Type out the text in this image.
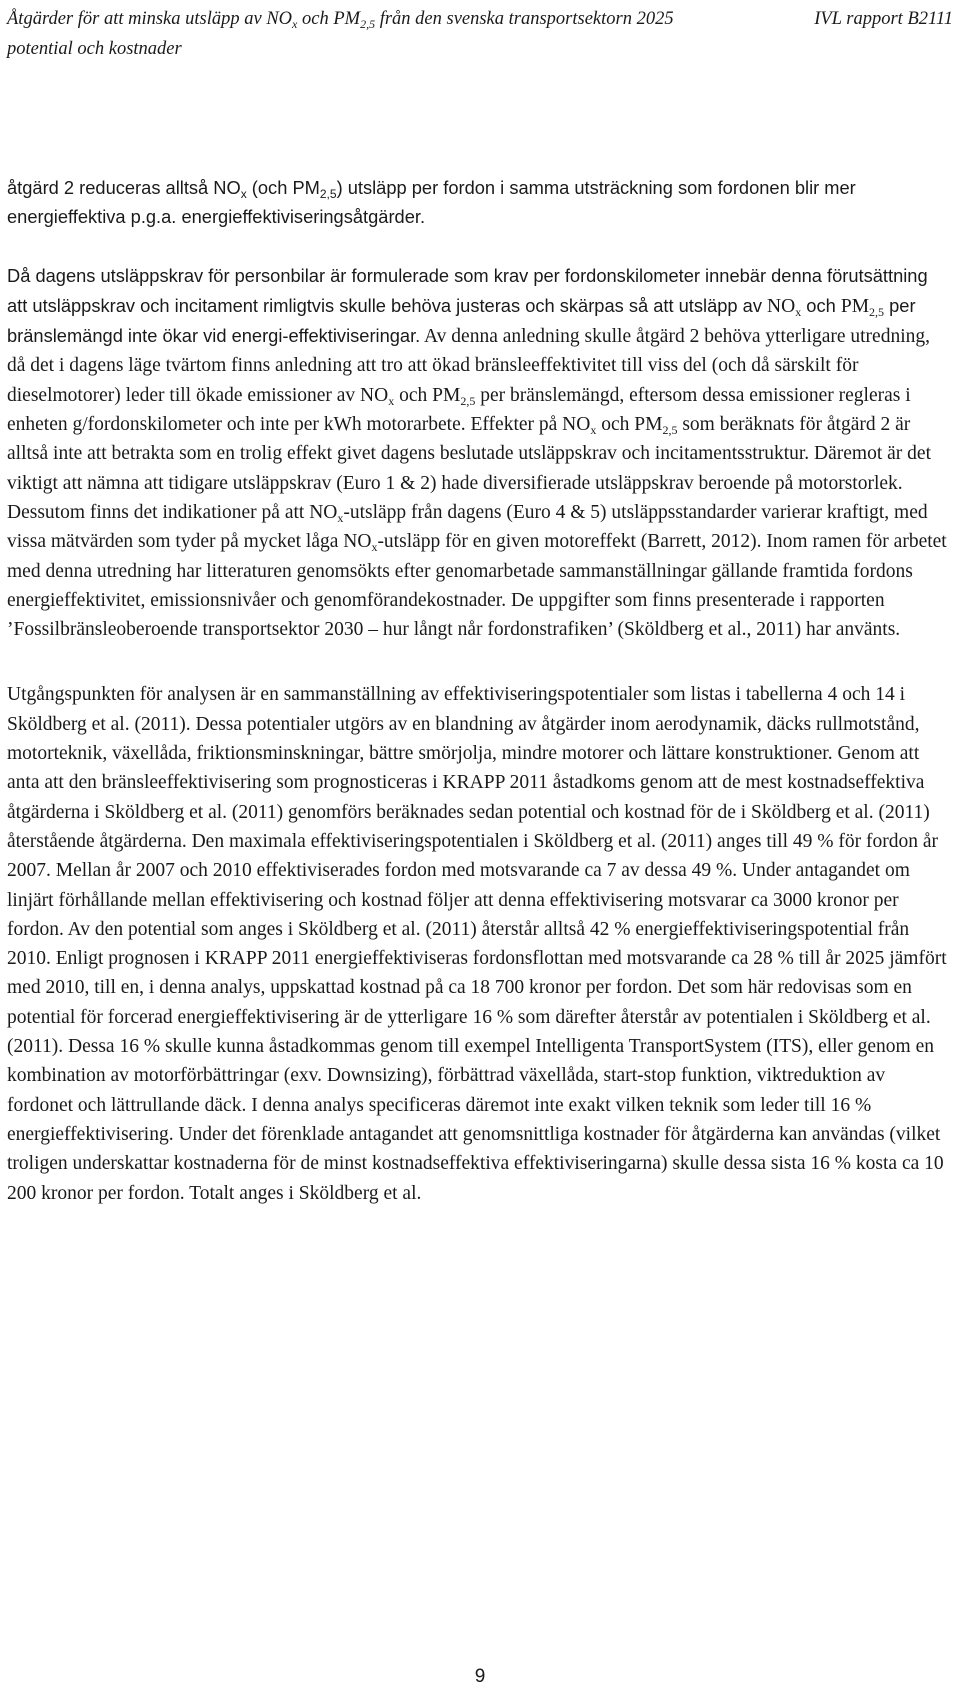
Åtgärder för att minska utsläpp av $NO_x$ och $PM_{2,5}$ från den svenska transportsektorn 2025
potential och kostnader
IVL rapport B2111

åtgärd 2 reduceras alltså $NO_x$ (och $PM_{2,5}$) utsläpp per fordon i samma utsträckning som fordonen blir mer energieffektiva p.g.a. energieffektiviseringsåtgärder.

Då dagens utsläppskrav för personbilar är formulerade som krav per fordonskilometer innebär denna förutsättning att utsläppskrav och incitament rimligtvis skulle behöva justeras och skärpas så att utsläpp av $NO_x$ och $PM_{2,5}$ per bränslemängd inte ökar vid energi-effektiviseringar. Av denna anledning skulle åtgärd 2 behöva ytterligare utredning, då det i dagens läge tvärtom finns anledning att tro att ökad bränsleeffektivitet till viss del (och då särskilt för dieselmotorer) leder till ökade emissioner av $NO_x$ och $PM_{2,5}$ per bränslemängd, eftersom dessa emissioner regleras i enheten g/fordonskilometer och inte per kWh motorarbete. Effekter på $NO_x$ och $PM_{2,5}$ som beräknats för åtgärd 2 är alltså inte att betrakta som en trolig effekt givet dagens beslutade utsläppskrav och incitamentsstruktur. Däremot är det viktigt att nämna att tidigare utsläppskrav (Euro 1 & 2) hade diversifierade utsläppskrav beroende på motorstorlek. Dessutom finns det indikationer på att $NO_x$-utsläpp från dagens (Euro 4 & 5) utsläppsstandarder varierar kraftigt, med vissa mätvärden som tyder på mycket låga $NO_x$-utsläpp för en given motoreffekt (Barrett, 2012). Inom ramen för arbetet med denna utredning har litteraturen genomsökts efter genomarbetade sammanställningar gällande framtida fordons energieffektivitet, emissionsnivåer och genomförandekostnader. De uppgifter som finns presenterade i rapporten ’Fossilbränsleoberoende transportsektor 2030 – hur långt når fordonstrafiken’ (Sköldberg et al., 2011) har använts.

Utgångspunkten för analysen är en sammanställning av effektiviseringspotentialer som listas i tabellerna 4 och 14 i Sköldberg et al. (2011). Dessa potentialer utgörs av en blandning av åtgärder inom aerodynamik, däcks rullmotstånd, motorteknik, växellåda, friktionsminskningar, bättre smörjolja, mindre motorer och lättare konstruktioner. Genom att anta att den bränsleeffektivisering som prognosticeras i KRAPP 2011 åstadkoms genom att de mest kostnadseffektiva åtgärderna i Sköldberg et al. (2011) genomförs beräknades sedan potential och kostnad för de i Sköldberg et al. (2011) återstående åtgärderna. Den maximala effektiviseringspotentialen i Sköldberg et al. (2011) anges till 49 % för fordon år 2007. Mellan år 2007 och 2010 effektiviserades fordon med motsvarande ca 7 av dessa 49 %. Under antagandet om linjärt förhållande mellan effektivisering och kostnad följer att denna effektivisering motsvarar ca 3000 kronor per fordon. Av den potential som anges i Sköldberg et al. (2011) återstår alltså 42 % energieffektiviseringspotential från 2010. Enligt prognosen i KRAPP 2011 energieffektiviseras fordonsflottan med motsvarande ca 28 % till år 2025 jämfört med 2010, till en, i denna analys, uppskattad kostnad på ca 18 700 kronor per fordon. Det som här redovisas som en potential för forcerad energieffektivisering är de ytterligare 16 % som därefter återstår av potentialen i Sköldberg et al. (2011). Dessa 16 % skulle kunna åstadkommas genom till exempel Intelligenta TransportSystem (ITS), eller genom en kombination av motorförbättringar (exv. Downsizing), förbättrad växellåda, start-stop funktion, viktreduktion av fordonet och lättrullande däck. I denna analys specificeras däremot inte exakt vilken teknik som leder till 16 % energieffektivisering. Under det förenklade antagandet att genomsnittliga kostnader för åtgärderna kan användas (vilket troligen underskattar kostnaderna för de minst kostnadseffektiva effektiviseringarna) skulle dessa sista 16 % kosta ca 10 200 kronor per fordon. Totalt anges i Sköldberg et al.

9
